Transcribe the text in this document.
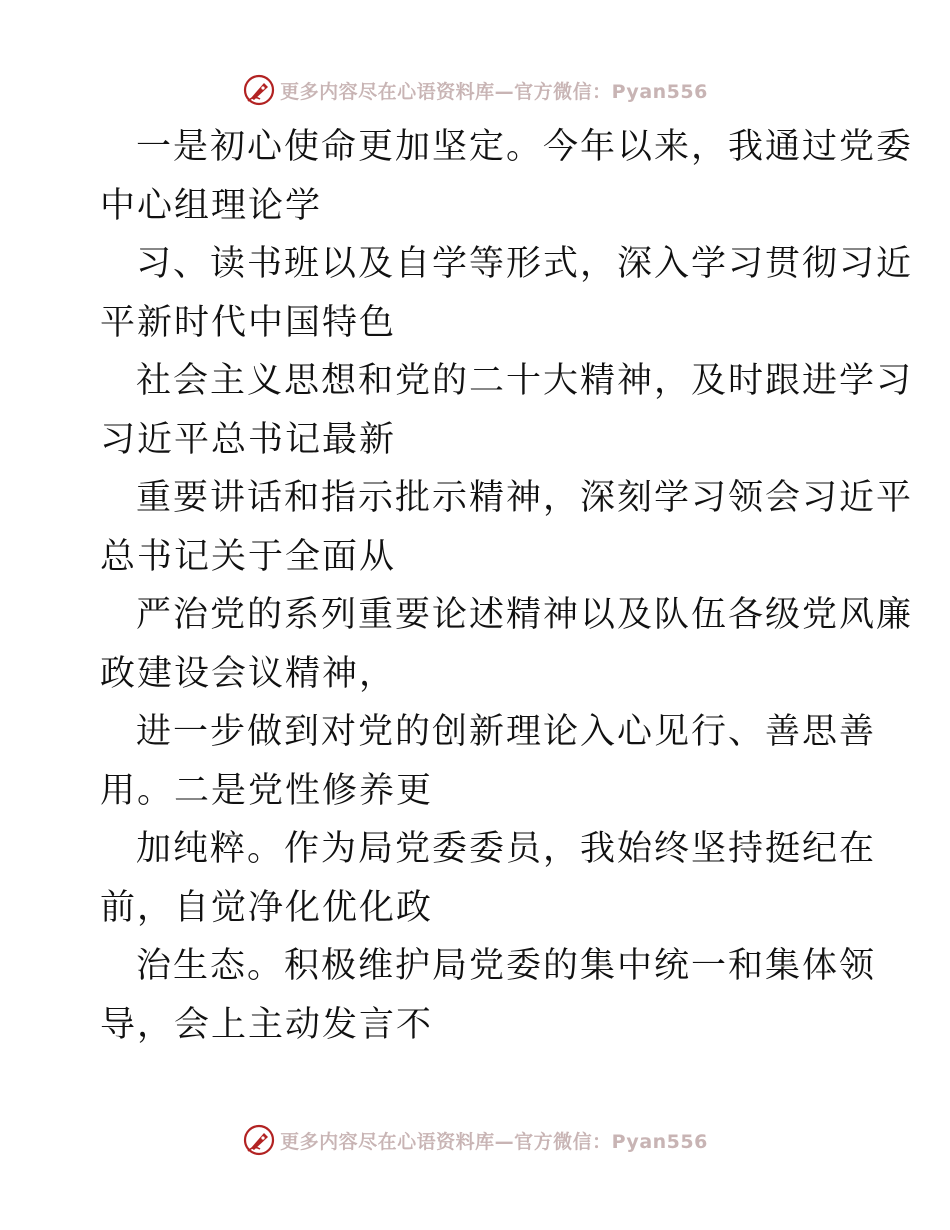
更多内容尽在心语资料库—官方微信：Pyan556
一是初心使命更加坚定。今年以来，我通过党委
中心组理论学
习、读书班以及自学等形式，深入学习贯彻习近
平新时代中国特色
社会主义思想和党的二十大精神，及时跟进学习
习近平总书记最新
重要讲话和指示批示精神，深刻学习领会习近平
总书记关于全面从
严治党的系列重要论述精神以及队伍各级党风廉
政建设会议精神，
进一步做到对党的创新理论入心见行、善思善
用。二是党性修养更
加纯粹。作为局党委委员，我始终坚持挺纪在
前，自觉净化优化政
治生态。积极维护局党委的集中统一和集体领
导，会上主动发言不
更多内容尽在心语资料库—官方微信：Pyan556
